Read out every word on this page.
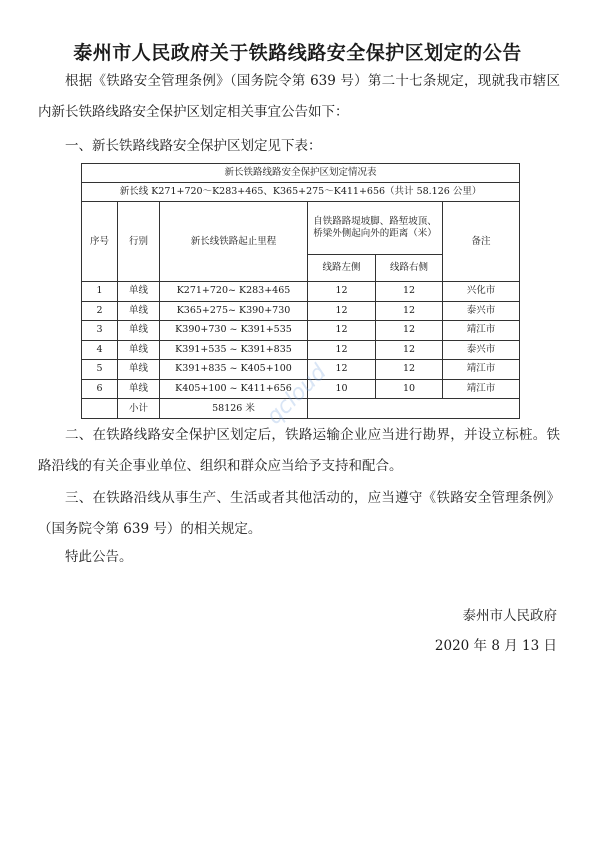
泰州市人民政府关于铁路线路安全保护区划定的公告

根据《铁路安全管理条例》（国务院令第 639 号）第二十七条规定，现就我市辖区内新长铁路线路安全保护区划定相关事宜公告如下：

一、新长铁路线路安全保护区划定见下表：

新长铁路线路安全保护区划定情况表					
新长线 K271+720～K283+465、K365+275～K411+656（共计 58.126 公里）					
序号	行别	新长线铁路起止里程	自铁路路堤坡脚、路堑坡顶、桥梁外侧起向外的距离（米）		备注
			线路左侧	线路右侧	
1	单线	K271+720~ K283+465	12	12	兴化市
2	单线	K365+275~ K390+730	12	12	泰兴市
3	单线	K390+730 ~ K391+535	12	12	靖江市
4	单线	K391+535 ~ K391+835	12	12	泰兴市
5	单线	K391+835 ~ K405+100	12	12	靖江市
6	单线	K405+100 ~ K411+656	10	10	靖江市
	小计	58126 米			qcloud

二、在铁路线路安全保护区划定后，铁路运输企业应当进行勘界，并设立标桩。铁路沿线的有关企事业单位、组织和群众应当给予支持和配合。

三、在铁路沿线从事生产、生活或者其他活动的，应当遵守《铁路安全管理条例》（国务院令第 639 号）的相关规定。

特此公告。

泰州市人民政府
2020 年 8 月 13 日
